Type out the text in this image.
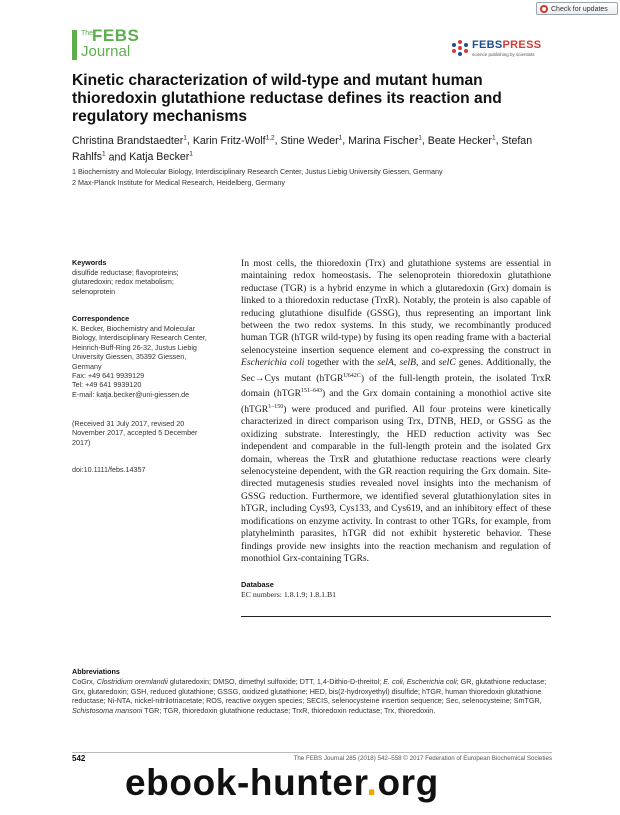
Check for updates
The
FEBS
Journal	FEBSPRESS
science publishing by scientists
Kinetic characterization of wild-type and mutant human thioredoxin glutathione reductase defines its reaction and regulatory mechanisms
Christina Brandstaedter$^1$, Karin Fritz-Wolf$^{1,2}$, Stine Weder$^1$, Marina Fischer$^1$, Beate Hecker$^1$, Stefan Rahlfs$^1$ and Katja Becker$^1$
1 Biochemistry and Molecular Biology, Interdisciplinary Research Center, Justus Liebig University Giessen, Germany
2 Max-Planck Institute for Medical Research, Heidelberg, Germany
Keywords
disulfide reductase; flavoproteins;
glutaredoxin; redox metabolism;
selenoprotein
Correspondence
K. Becker, Biochemistry and Molecular
Biology, Interdisciplinary Research Center,
Heinrich-Buff-Ring 26-32, Justus Liebig
University Giessen, 35392 Giessen,
Germany
Fax: +49 641 9939129
Tel: +49 641 9939120
E-mail: katja.becker@uni-giessen.de
(Received 31 July 2017, revised 20
November 2017, accepted 5 December
2017)
doi:10.1111/febs.14357

In most cells, the thioredoxin (Trx) and glutathione systems are essential in maintaining redox homeostasis. The selenoprotein thioredoxin glutathione reductase (TGR) is a hybrid enzyme in which a glutaredoxin (Grx) domain is linked to a thioredoxin reductase (TrxR). Notably, the protein is also capable of reducing glutathione disulfide (GSSG), thus representing an important link between the two redox systems. In this study, we recombinantly produced human TGR (hTGR wild-type) by fusing its open reading frame with a bacterial selenocysteine insertion sequence element and co-expressing the construct in Escherichia coli together with the selA, selB, and selC genes. Additionally, the Sec→Cys mutant (hTGR$^{U642C}$) of the full-length protein, the isolated TrxR domain (hTGR$^{151-643}$) and the Grx domain containing a monothiol active site (hTGR$^{1-150}$) were produced and purified. All four proteins were kinetically characterized in direct comparison using Trx, DTNB, HED, or GSSG as the oxidizing substrate. Interestingly, the HED reduction activity was Sec independent and comparable in the full-length protein and the isolated Grx domain, whereas the TrxR and glutathione reductase reactions were clearly selenocysteine dependent, with the GR reaction requiring the Grx domain. Site-directed mutagenesis studies revealed novel insights into the mechanism of GSSG reduction. Furthermore, we identified several glutathionylation sites in hTGR, including Cys93, Cys133, and Cys619, and an inhibitory effect of these modifications on enzyme activity. In contrast to other TGRs, for example, from platyhelminth parasites, hTGR did not exhibit hysteretic behavior. These findings provide new insights into the reaction mechanism and regulation of monothiol Grx-containing TGRs.

Database
EC numbers: 1.8.1.9; 1.8.1.B1
Abbreviations

CoGrx, Clostridium oremlandii glutaredoxin; DMSO, dimethyl sulfoxide; DTT, 1,4-Dithio-D-threitol; E. coli, Escherichia coli; GR, glutathione reductase; Grx, glutaredoxin; GSH, reduced glutathione; GSSG, oxidized glutathione; HED, bis(2-hydroxyethyl) disulfide; hTGR, human thioredoxin glutathione reductase; Ni-NTA, nickel-nitrilotriacetate; ROS, reactive oxygen species; SECIS, selenocysteine insertion sequence; Sec, selenocysteine; SmTGR, Schistosoma mansoni TGR; TGR, thioredoxin glutathione reductase; TrxR, thioredoxin reductase; Trx, thioredoxin.

542	The FEBS Journal 285 (2018) 542–558 © 2017 Federation of European Biochemical Societies
ebook-hunter.org
